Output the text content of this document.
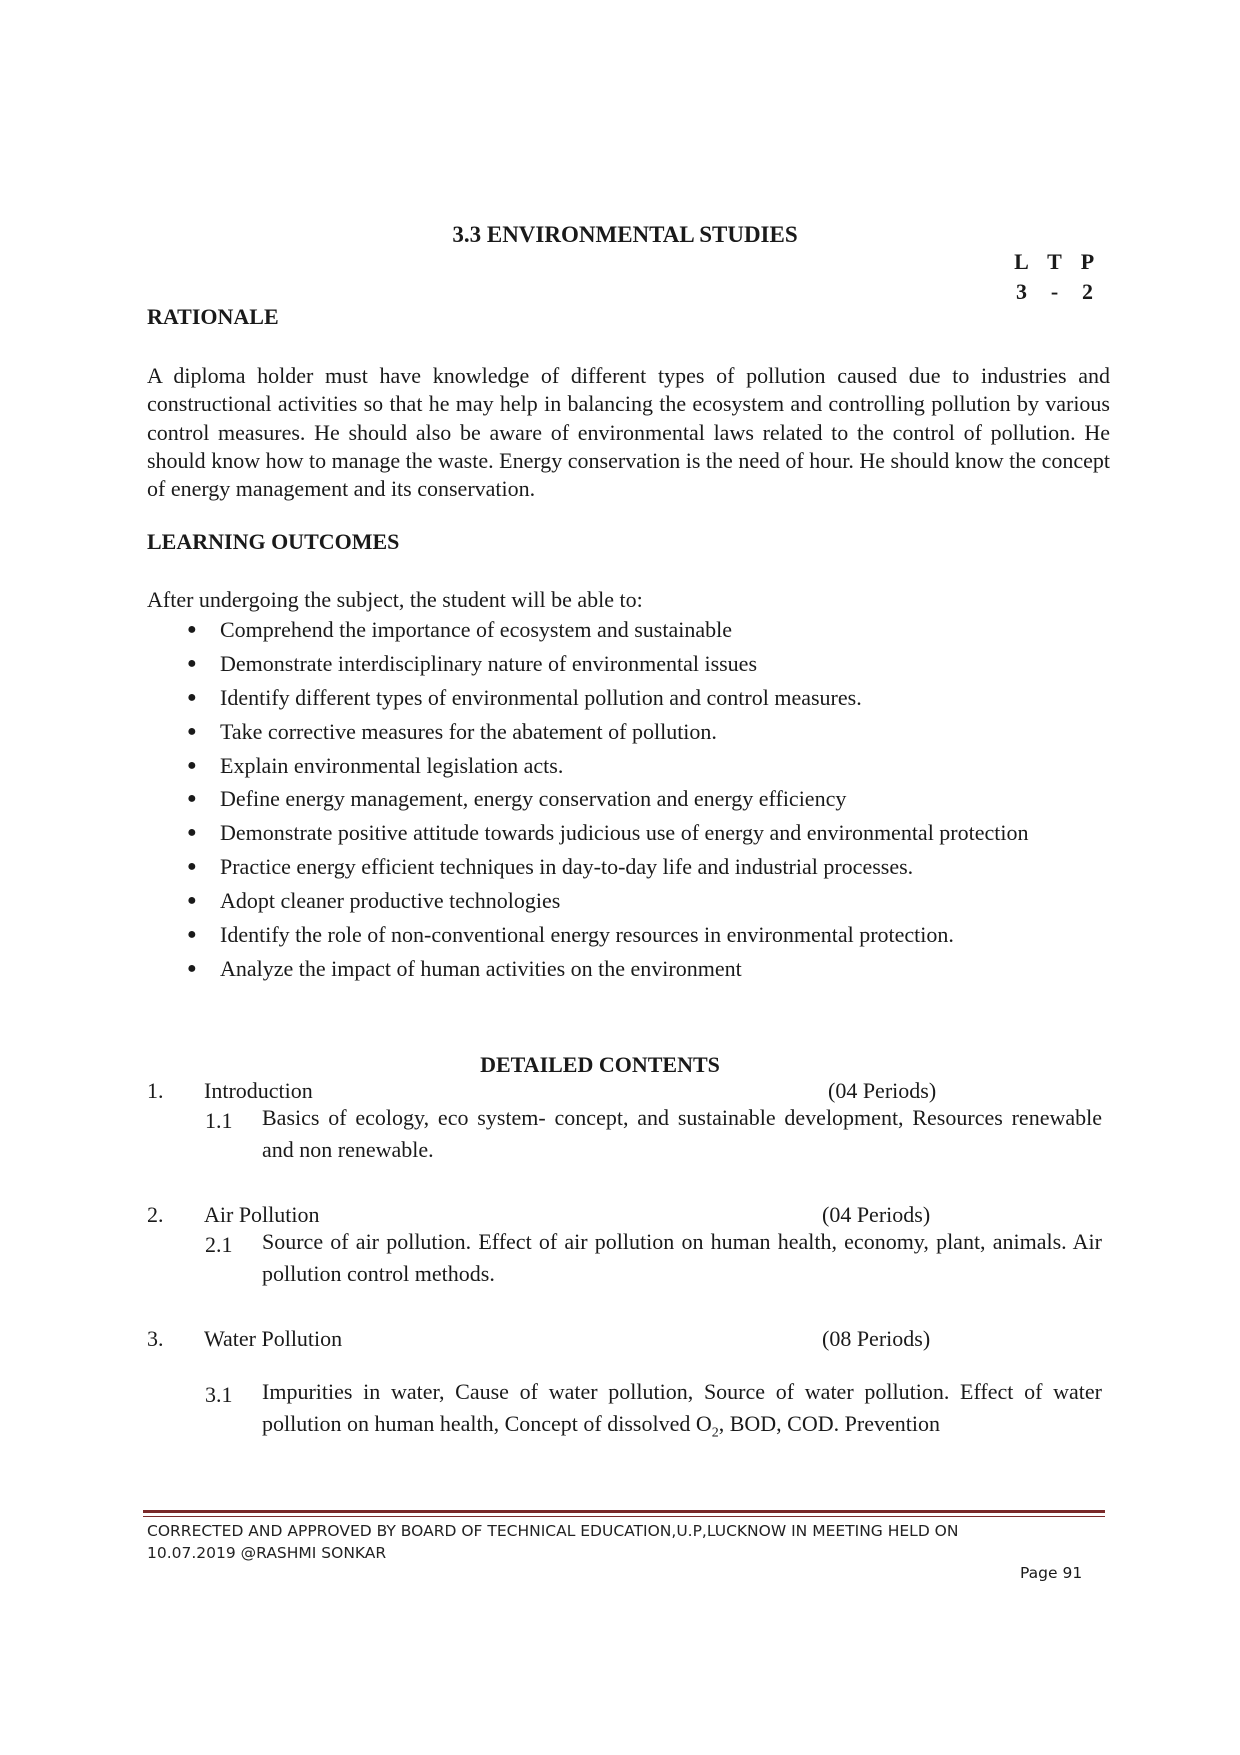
3.3 ENVIRONMENTAL STUDIES
L T P
3 - 2
RATIONALE
A diploma holder must have knowledge of different types of pollution caused due to industries and constructional activities so that he may help in balancing the ecosystem and controlling pollution by various control measures. He should also be aware of environmental laws related to the control of pollution. He should know how to manage the waste. Energy conservation is the need of hour. He should know the concept of energy management and its conservation.
LEARNING OUTCOMES
After undergoing the subject, the student will be able to:
● Comprehend the importance of ecosystem and sustainable
● Demonstrate interdisciplinary nature of environmental issues
● Identify different types of environmental pollution and control measures.
● Take corrective measures for the abatement of pollution.
● Explain environmental legislation acts.
● Define energy management, energy conservation and energy efficiency
● Demonstrate positive attitude towards judicious use of energy and environmental protection
● Practice energy efficient techniques in day-to-day life and industrial processes.
● Adopt cleaner productive technologies
● Identify the role of non-conventional energy resources in environmental protection.
● Analyze the impact of human activities on the environment
DETAILED CONTENTS
1. Introduction	(04 Periods)
1.1 Basics of ecology, eco system- concept, and sustainable development, Resources renewable and non renewable.
2. Air Pollution	(04 Periods)
2.1 Source of air pollution. Effect of air pollution on human health, economy, plant, animals. Air pollution control methods.
3. Water Pollution	(08 Periods)
3.1 Impurities in water, Cause of water pollution, Source of water pollution. Effect of water pollution on human health, Concept of dissolved $O_2$, BOD, COD. Prevention
CORRECTED AND APPROVED BY BOARD OF TECHNICAL EDUCATION,U.P,LUCKNOW IN MEETING HELD ON
10.07.2019 @RASHMI SONKAR
Page 91
